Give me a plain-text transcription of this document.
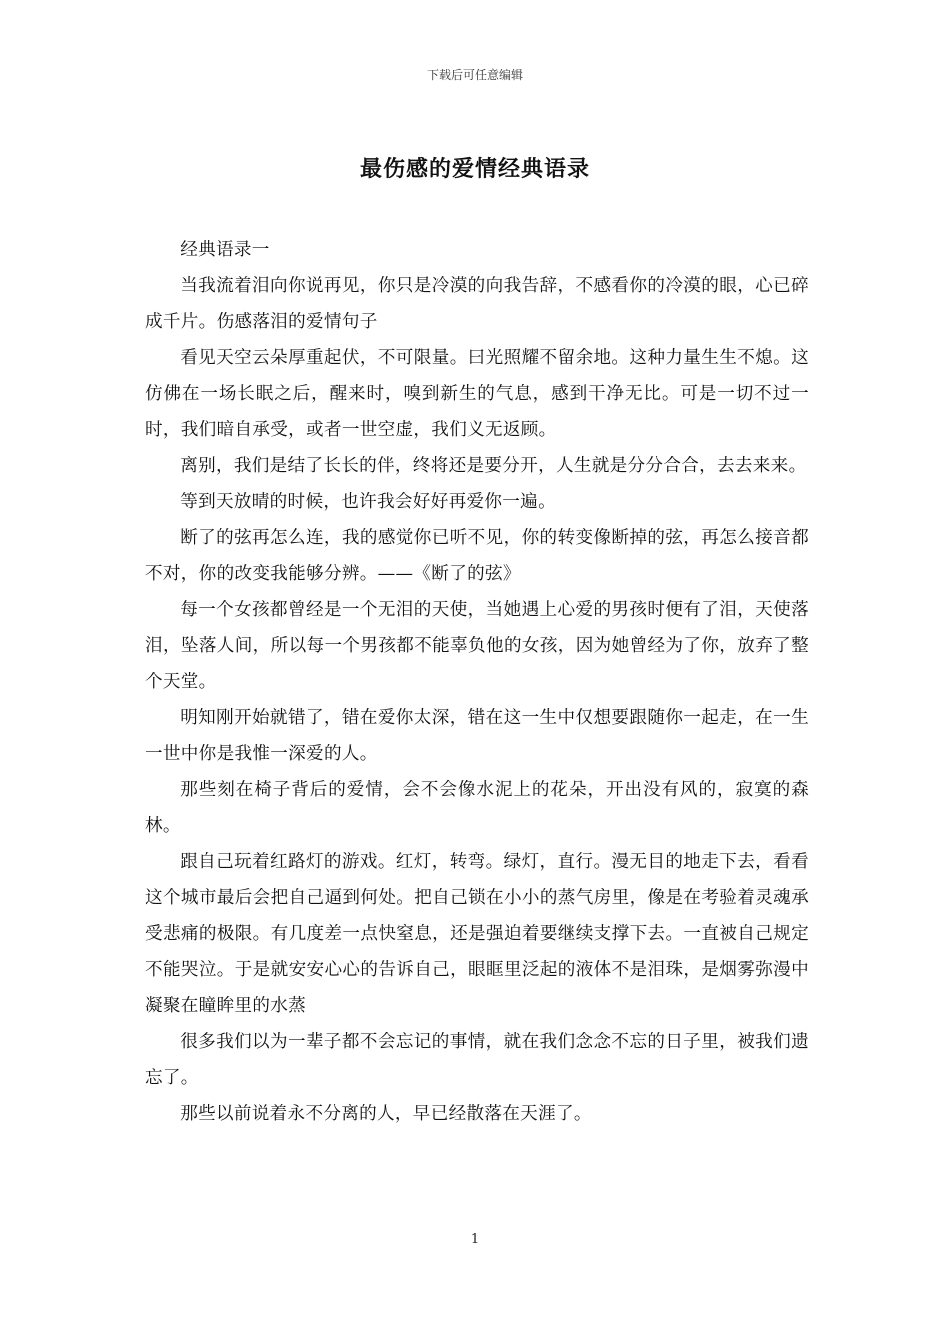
下载后可任意编辑
最伤感的爱情经典语录

经典语录一

当我流着泪向你说再见，你只是冷漠的向我告辞，不感看你的冷漠的眼，心已碎成千片。伤感落泪的爱情句子

看见天空云朵厚重起伏，不可限量。曰光照耀不留余地。这种力量生生不熄。这仿佛在一场长眠之后，醒来时，嗅到新生的气息，感到干净无比。可是一切不过一时，我们暗自承受，或者一世空虚，我们义无返顾。

离别，我们是结了长长的伴，终将还是要分开，人生就是分分合合，去去来来。

等到天放晴的时候，也许我会好好再爱你一遍。

断了的弦再怎么连，我的感觉你已听不见，你的转变像断掉的弦，再怎么接音都不对，你的改变我能够分辨。——《断了的弦》

每一个女孩都曾经是一个无泪的天使，当她遇上心爱的男孩时便有了泪，天使落泪，坠落人间，所以每一个男孩都不能辜负他的女孩，因为她曾经为了你，放弃了整个天堂。

明知刚开始就错了，错在爱你太深，错在这一生中仅想要跟随你一起走，在一生一世中你是我惟一深爱的人。

那些刻在椅子背后的爱情，会不会像水泥上的花朵，开出没有风的，寂寞的森林。

跟自己玩着红路灯的游戏。红灯，转弯。绿灯，直行。漫无目的地走下去，看看这个城市最后会把自己逼到何处。把自己锁在小小的蒸气房里，像是在考验着灵魂承受悲痛的极限。有几度差一点快窒息，还是强迫着要继续支撑下去。一直被自己规定不能哭泣。于是就安安心心的告诉自己，眼眶里泛起的液体不是泪珠，是烟雾弥漫中凝聚在瞳眸里的水蒸

很多我们以为一辈子都不会忘记的事情，就在我们念念不忘的日子里，被我们遗忘了。

那些以前说着永不分离的人，早已经散落在天涯了。

1
